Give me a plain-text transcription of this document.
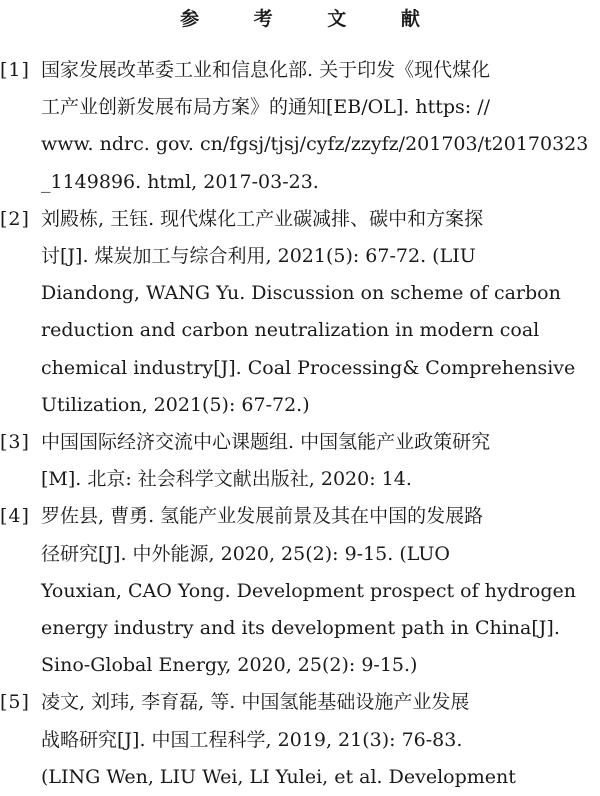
参 考 文 献

[1] 国家发展改革委工业和信息化部. 关于印发《现代煤化
工产业创新发展布局方案》的通知[EB/OL]. https: //
www. ndrc. gov. cn/fgsj/tjsj/cyfz/zzyfz/201703/t20170323
_1149896. html, 2017-03-23.

[2] 刘殿栋, 王钰. 现代煤化工产业碳减排、碳中和方案探
讨[J]. 煤炭加工与综合利用, 2021(5): 67-72. (LIU
Diandong, WANG Yu. Discussion on scheme of carbon
reduction and carbon neutralization in modern coal
chemical industry[J]. Coal Processing& Comprehensive
Utilization, 2021(5): 67-72.)

[3] 中国国际经济交流中心课题组. 中国氢能产业政策研究
[M]. 北京: 社会科学文献出版社, 2020: 14.

[4] 罗佐县, 曹勇. 氢能产业发展前景及其在中国的发展路
径研究[J]. 中外能源, 2020, 25(2): 9-15. (LUO
Youxian, CAO Yong. Development prospect of hydrogen
energy industry and its development path in China[J].
Sino-Global Energy, 2020, 25(2): 9-15.)

[5] 凌文, 刘玮, 李育磊, 等. 中国氢能基础设施产业发展
战略研究[J]. 中国工程科学, 2019, 21(3): 76-83.
(LING Wen, LIU Wei, LI Yulei, et al. Development
